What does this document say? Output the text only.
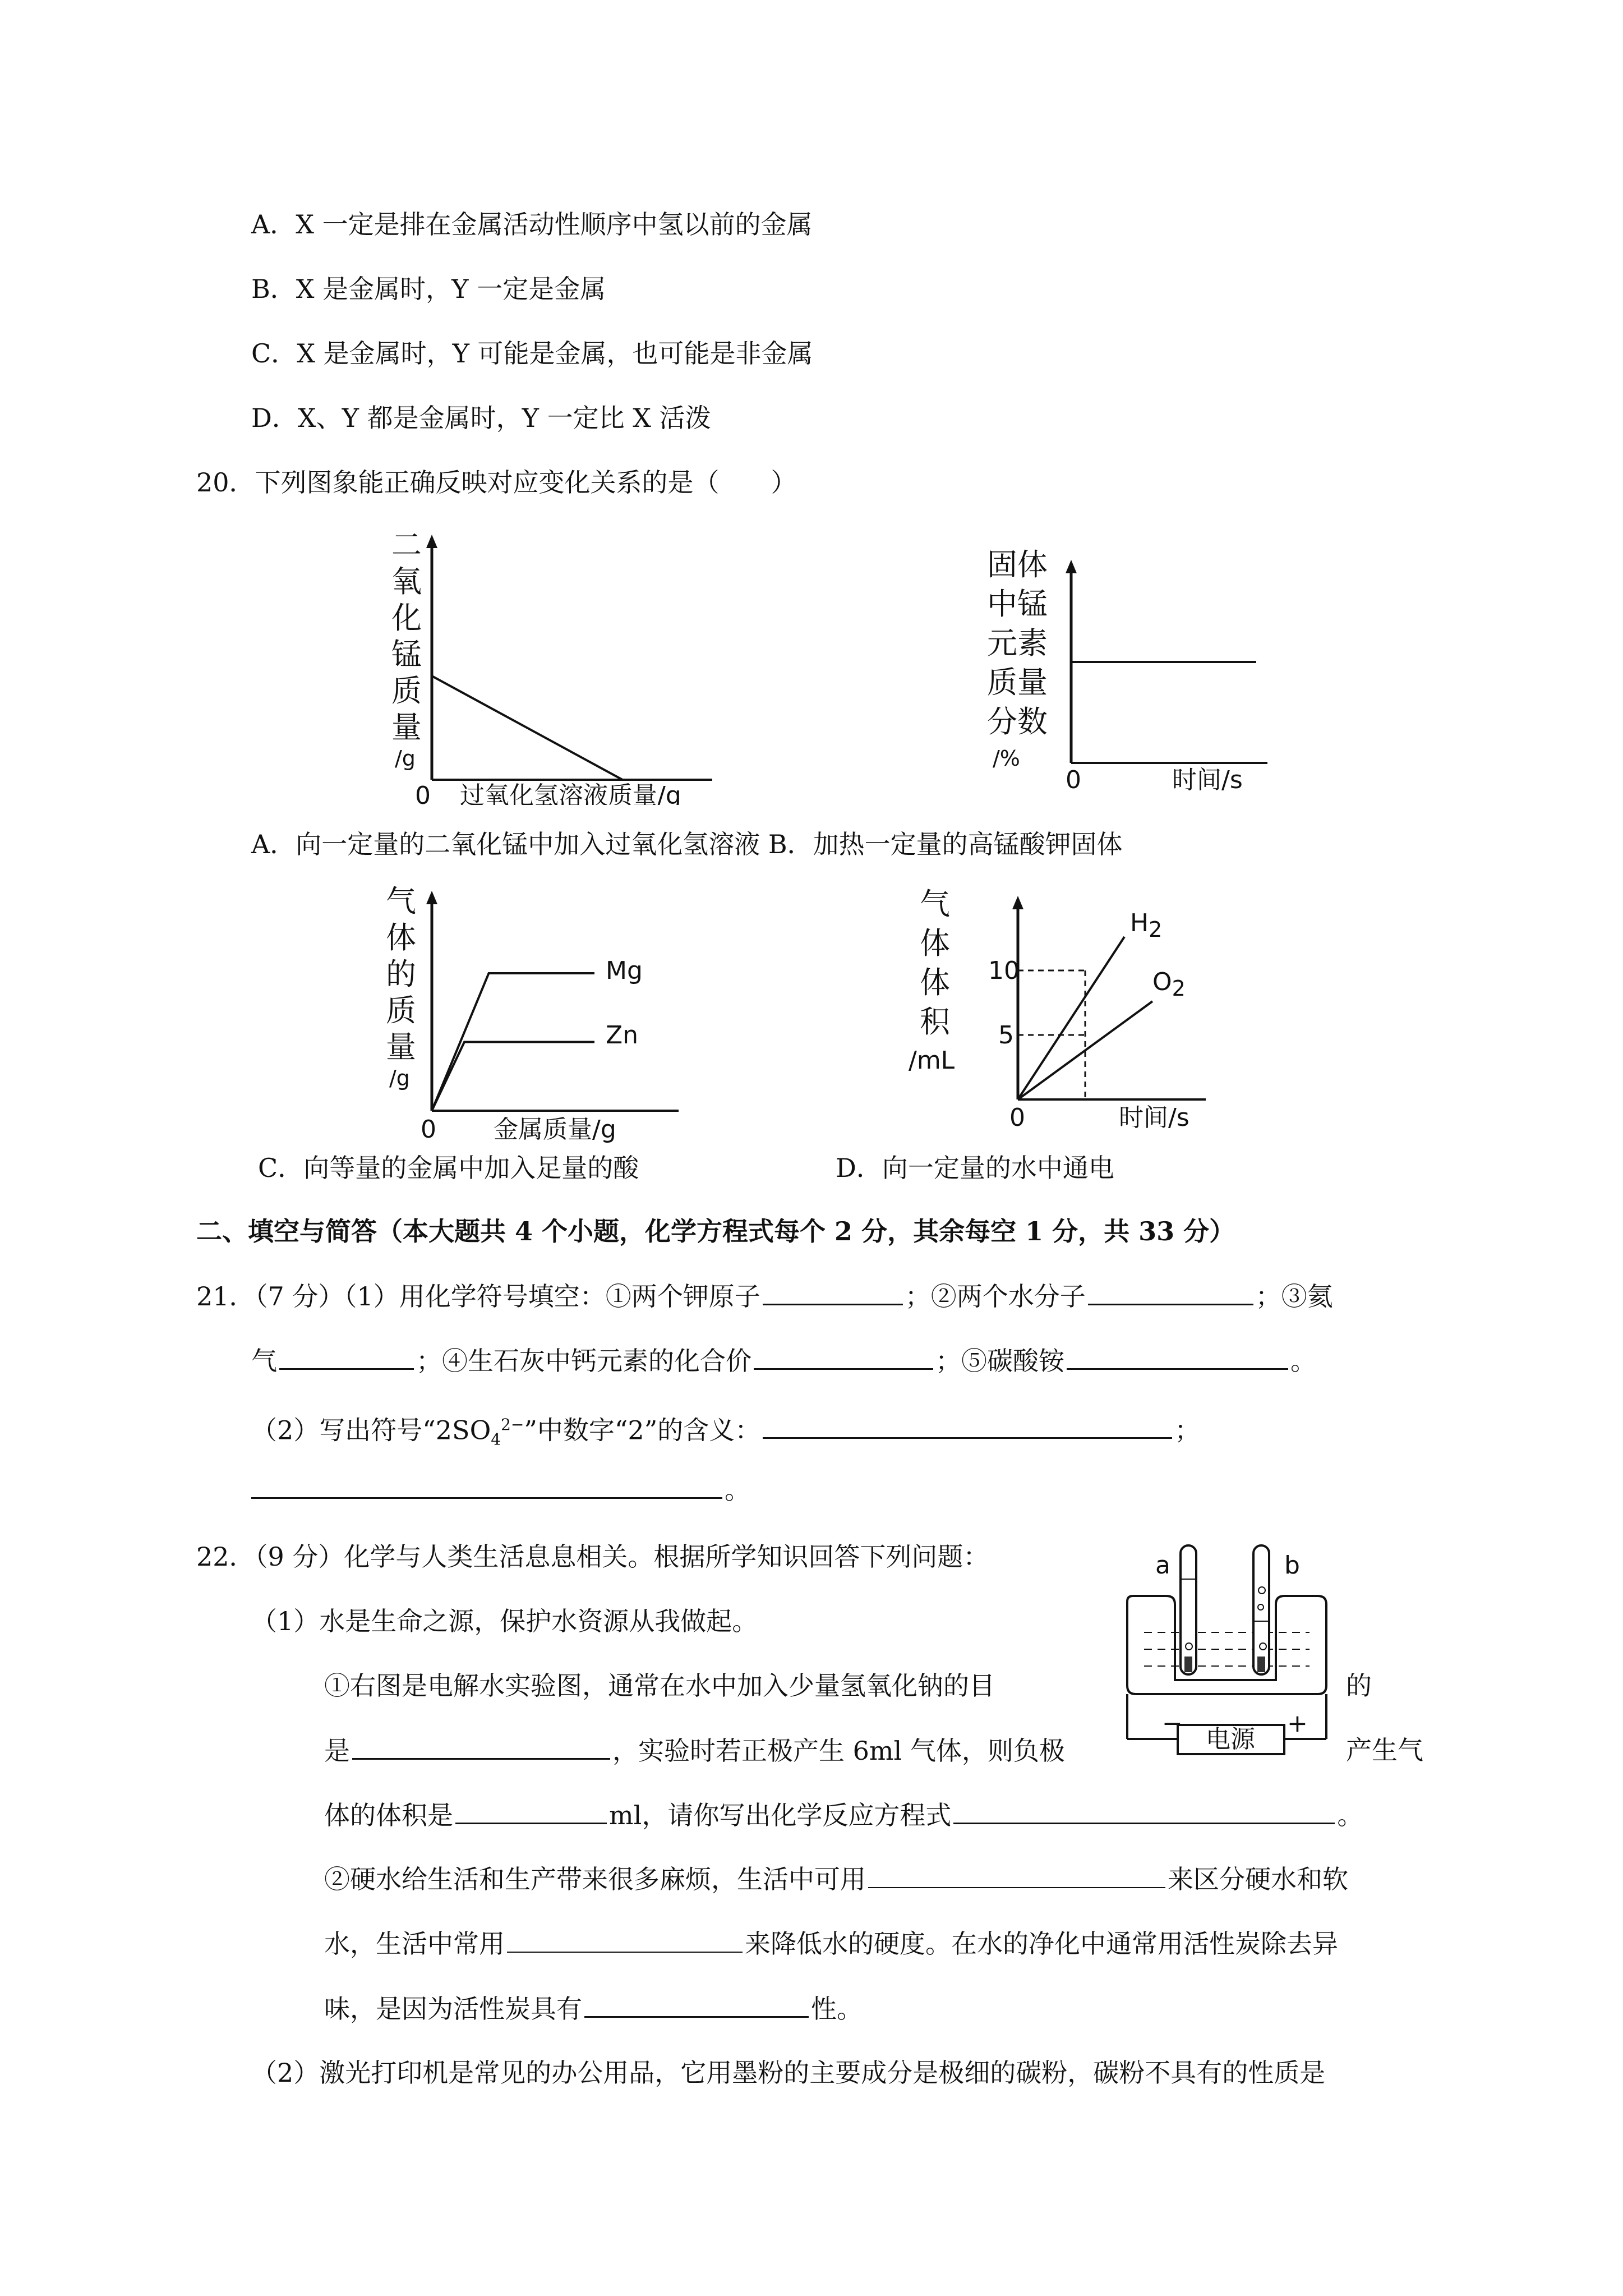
A．X 一定是排在金属活动性顺序中氢以前的金属
B．X 是金属时，Y 一定是金属
C．X 是金属时，Y 可能是金属，也可能是非金属
D．X、Y 都是金属时，Y 一定比 X 活泼
20．下列图象能正确反映对应变化关系的是（　　）
二
氧
化
锰
质
量
/g
0 过氧化氢溶液质量/g
固体
中锰
元素
质量
分数
/%
0	时间/s
A．向一定量的二氧化锰中加入过氧化氢溶液 B．加热一定量的高锰酸钾固体
气
体
的
质
量
/g
Mg
Zn
0 金属质量/g
气
体
体
积
/mL
10
5
H2
O2
0	时间/s
C．向等量的金属中加入足量的酸	D．向一定量的水中通电
二、填空与简答（本大题共 4 个小题，化学方程式每个 2 分，其余每空 1 分，共 33 分）
21．（7 分）（1）用化学符号填空：①两个钾原子	；②两个水分子	；③氦
气	；④生石灰中钙元素的化合价	；⑤碳酸铵	。
（2）写出符号“$2SO_4^{2-}$”中数字“2”的含义：	；
。
22．（9 分）化学与人类生活息息相关。根据所学知识回答下列问题：
（1）水是生命之源，保护水资源从我做起。
①右图是电解水实验图，通常在水中加入少量氢氧化钠的目	的
是	，实验时若正极产生 6ml 气体，则负极	产生气
体的体积是	ml，请你写出化学反应方程式	。
②硬水给生活和生产带来很多麻烦，生活中可用	来区分硬水和软
水，生活中常用	来降低水的硬度。在水的净化中通常用活性炭除去异
味，是因为活性炭具有	性。
（2）激光打印机是常见的办公用品，它用墨粉的主要成分是极细的碳粉，碳粉不具有的性质是
a	b
电源
−	+
